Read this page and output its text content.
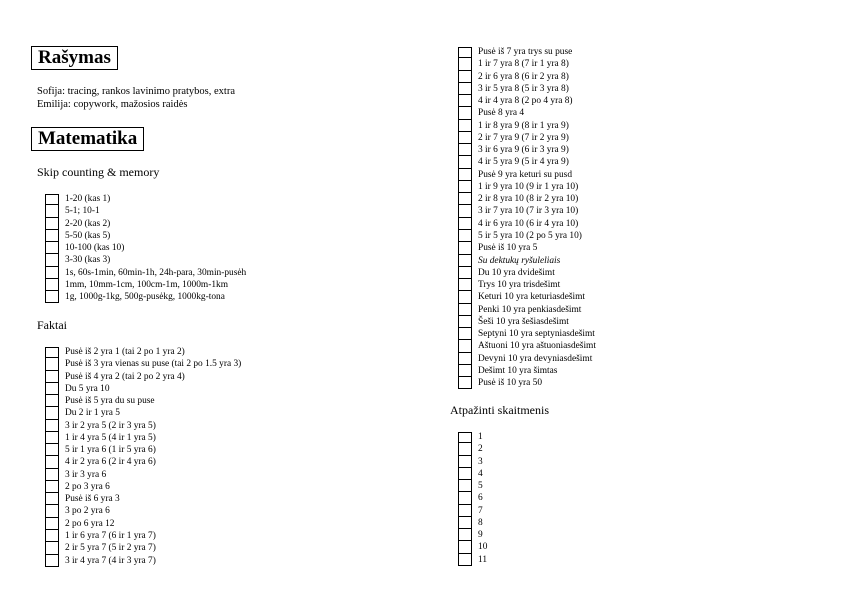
Rašymas
Sofija: tracing, rankos lavinimo pratybos, extra
Emilija: copywork, mažosios raidės
Matematika
Skip counting & memory
1-20 (kas 1)
5-1; 10-1
2-20 (kas 2)
5-50 (kas 5)
10-100 (kas 10)
3-30 (kas 3)
1s, 60s-1min, 60min-1h, 24h-para, 30min-pusėh
1mm, 10mm-1cm, 100cm-1m, 1000m-1km
1g, 1000g-1kg, 500g-pusėkg, 1000kg-tona
Faktai
Pusė iš 2 yra 1 (tai 2 po 1 yra 2)
Pusė iš 3 yra vienas su puse (tai 2 po 1.5 yra 3)
Pusė iš 4 yra 2 (tai 2 po 2 yra 4)
Du 5 yra 10
Pusė iš 5 yra du su puse
Du 2 ir 1 yra 5
3 ir 2 yra 5 (2 ir 3 yra 5)
1 ir 4 yra 5 (4 ir 1 yra 5)
5 ir 1 yra 6 (1 ir 5 yra 6)
4 ir 2 yra 6 (2 ir 4 yra 6)
3 ir 3 yra 6
2 po 3 yra 6
Pusė iš 6 yra 3
3 po 2 yra 6
2 po 6 yra 12
1 ir 6 yra 7 (6 ir 1 yra 7)
2 ir 5 yra 7 (5 ir 2 yra 7)
3 ir 4 yra 7 (4 ir 3 yra 7)
Pusė iš 7 yra trys su puse
1 ir 7 yra 8 (7 ir 1 yra 8)
2 ir 6 yra 8 (6 ir 2 yra 8)
3 ir 5 yra 8 (5 ir 3 yra 8)
4 ir 4 yra 8 (2 po 4 yra 8)
Pusė 8 yra 4
1 ir 8 yra 9 (8 ir 1 yra 9)
2 ir 7 yra 9 (7 ir 2 yra 9)
3 ir 6 yra 9 (6 ir 3 yra 9)
4 ir 5 yra 9 (5 ir 4 yra 9)
Pusė 9 yra keturi su pusd
1 ir 9 yra 10 (9 ir 1 yra 10)
2 ir 8 yra 10 (8 ir 2 yra 10)
3 ir 7 yra 10 (7 ir 3 yra 10)
4 ir 6 yra 10 (6 ir 4 yra 10)
5 ir 5 yra 10 (2 po 5 yra 10)
Pusė iš 10 yra 5
Su dektukų ryšuleliais
Du 10 yra dvidešimt
Trys 10 yra trisdešimt
Keturi 10 yra keturiasdešimt
Penki 10 yra penkiasdešimt
Šeši 10 yra šešiasdešimt
Septyni 10 yra septyniasdešimt
Aštuoni 10 yra aštuoniasdešimt
Devyni 10 yra devyniasdešimt
Dešimt 10 yra šimtas
Pusė iš 10 yra 50
Atpažinti skaitmenis
1
2
3
4
5
6
7
8
9
10
11
